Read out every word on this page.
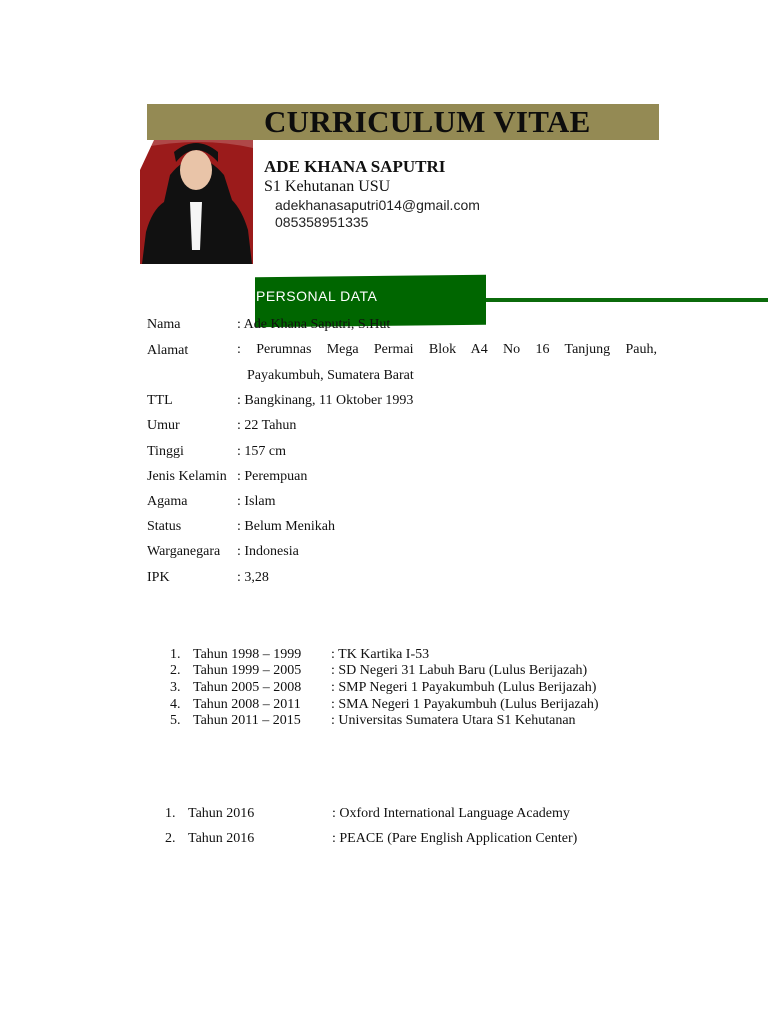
CURRICULUM VITAE
ADE KHANA SAPUTRI
S1 Kehutanan USU
adekhanasaputri014@gmail.com
085358951335
PERSONAL DATA
Nama	: Ade Khana Saputri, S.Hut
Alamat	: Perumnas Mega Permai Blok A4 No 16 Tanjung Pauh,
Payakumbuh, Sumatera Barat
TTL	: Bangkinang, 11 Oktober 1993
Umur	: 22 Tahun
Tinggi	: 157 cm
Jenis Kelamin : Perempuan
Agama	: Islam
Status	: Belum Menikah
Warganegara : Indonesia
IPK	: 3,28
1. Tahun 1998 – 1999 : TK Kartika I-53
2. Tahun 1999 – 2005 : SD Negeri 31 Labuh Baru (Lulus Berijazah)
3. Tahun 2005 – 2008 : SMP Negeri 1 Payakumbuh (Lulus Berijazah)
4. Tahun 2008 – 2011 : SMA Negeri 1 Payakumbuh (Lulus Berijazah)
5. Tahun 2011 – 2015 : Universitas Sumatera Utara S1 Kehutanan
1. Tahun 2016	: Oxford International Language Academy
2. Tahun 2016	: PEACE (Pare English Application Center)
